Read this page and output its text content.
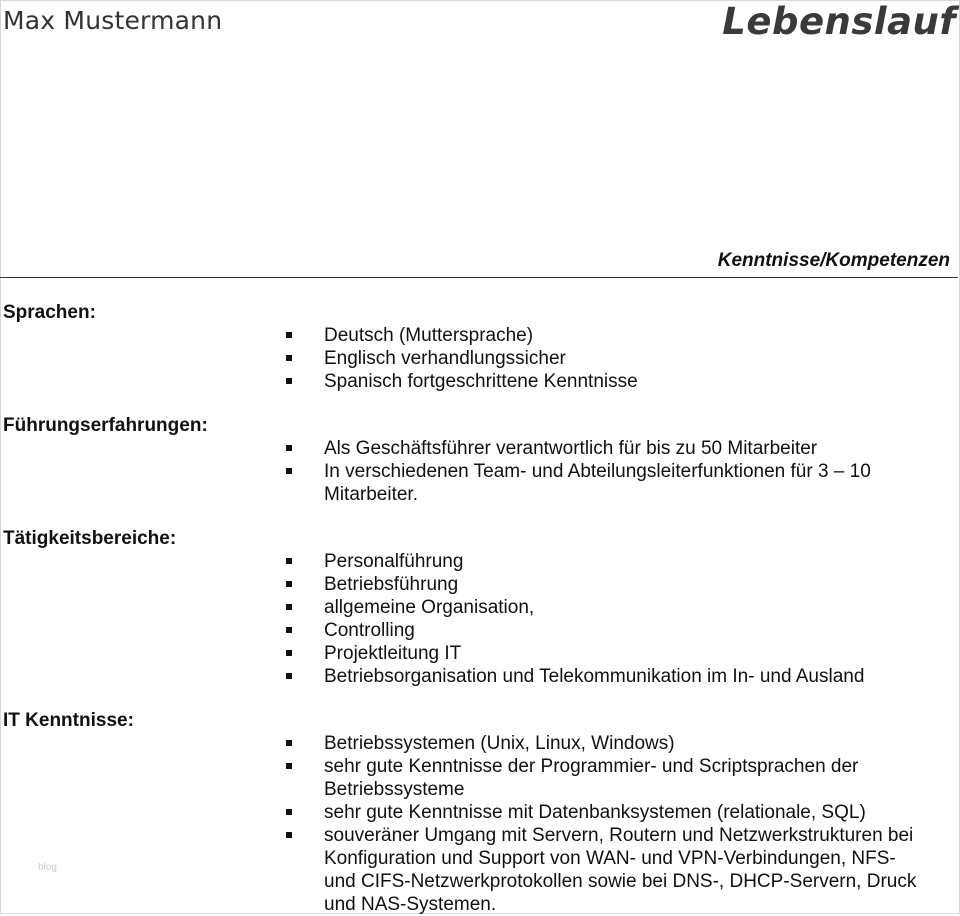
Max Mustermann	Lebenslauf
Kenntnisse/Kompetenzen
Sprachen:
Deutsch (Muttersprache)
Englisch verhandlungssicher
Spanisch fortgeschrittene Kenntnisse
Führungserfahrungen:
Als Geschäftsführer verantwortlich für bis zu 50 Mitarbeiter
In verschiedenen Team- und Abteilungsleiterfunktionen für 3 – 10 Mitarbeiter.
Tätigkeitsbereiche:
Personalführung
Betriebsführung
allgemeine Organisation,
Controlling
Projektleitung IT
Betriebsorganisation und Telekommunikation im In- und Ausland
IT Kenntnisse:
Betriebssystemen (Unix, Linux, Windows)
sehr gute Kenntnisse der Programmier- und Scriptsprachen der Betriebssysteme
sehr gute Kenntnisse mit Datenbanksystemen (relationale, SQL)
souveräner Umgang mit Servern, Routern und Netzwerkstrukturen bei Konfiguration und Support von WAN- und VPN-Verbindungen, NFS- und CIFS-Netzwerkprotokollen sowie bei DNS-, DHCP-Servern, Druck und NAS-Systemen.
blog
